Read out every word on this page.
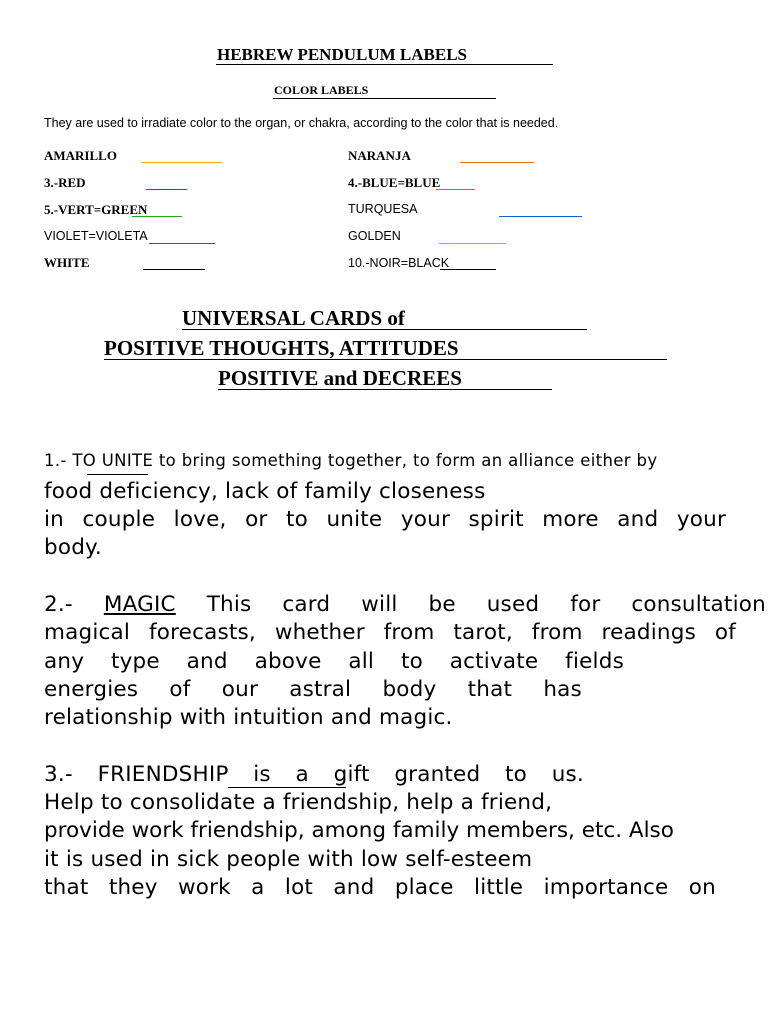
HEBREW PENDULUM LABELS
COLOR LABELS
They are used to irradiate color to the organ, or chakra, according to the color that is needed.
AMARILLO
3.-RED
5.-VERT=GREEN
VIOLET=VIOLETA
WHITE
NARANJA
4.-BLUE=BLUE
TURQUESA
GOLDEN
10.-NOIR=BLACK
UNIVERSAL CARDS of
POSITIVE THOUGHTS, ATTITUDES
POSITIVE and DECREES
1.- TO UNITE to bring something together, to form an alliance either by
food deficiency, lack of family closeness
in couple love, or to unite your spirit more and your
body.
2.- MAGIC This card will be used for consultation
magical forecasts, whether from tarot, from readings of
any type and above all to activate fields
energies of our astral body that has
relationship with intuition and magic.
3.- FRIENDSHIP is a gift granted to us.
Help to consolidate a friendship, help a friend,
provide work friendship, among family members, etc. Also
it is used in sick people with low self-esteem
that they work a lot and place little importance on
